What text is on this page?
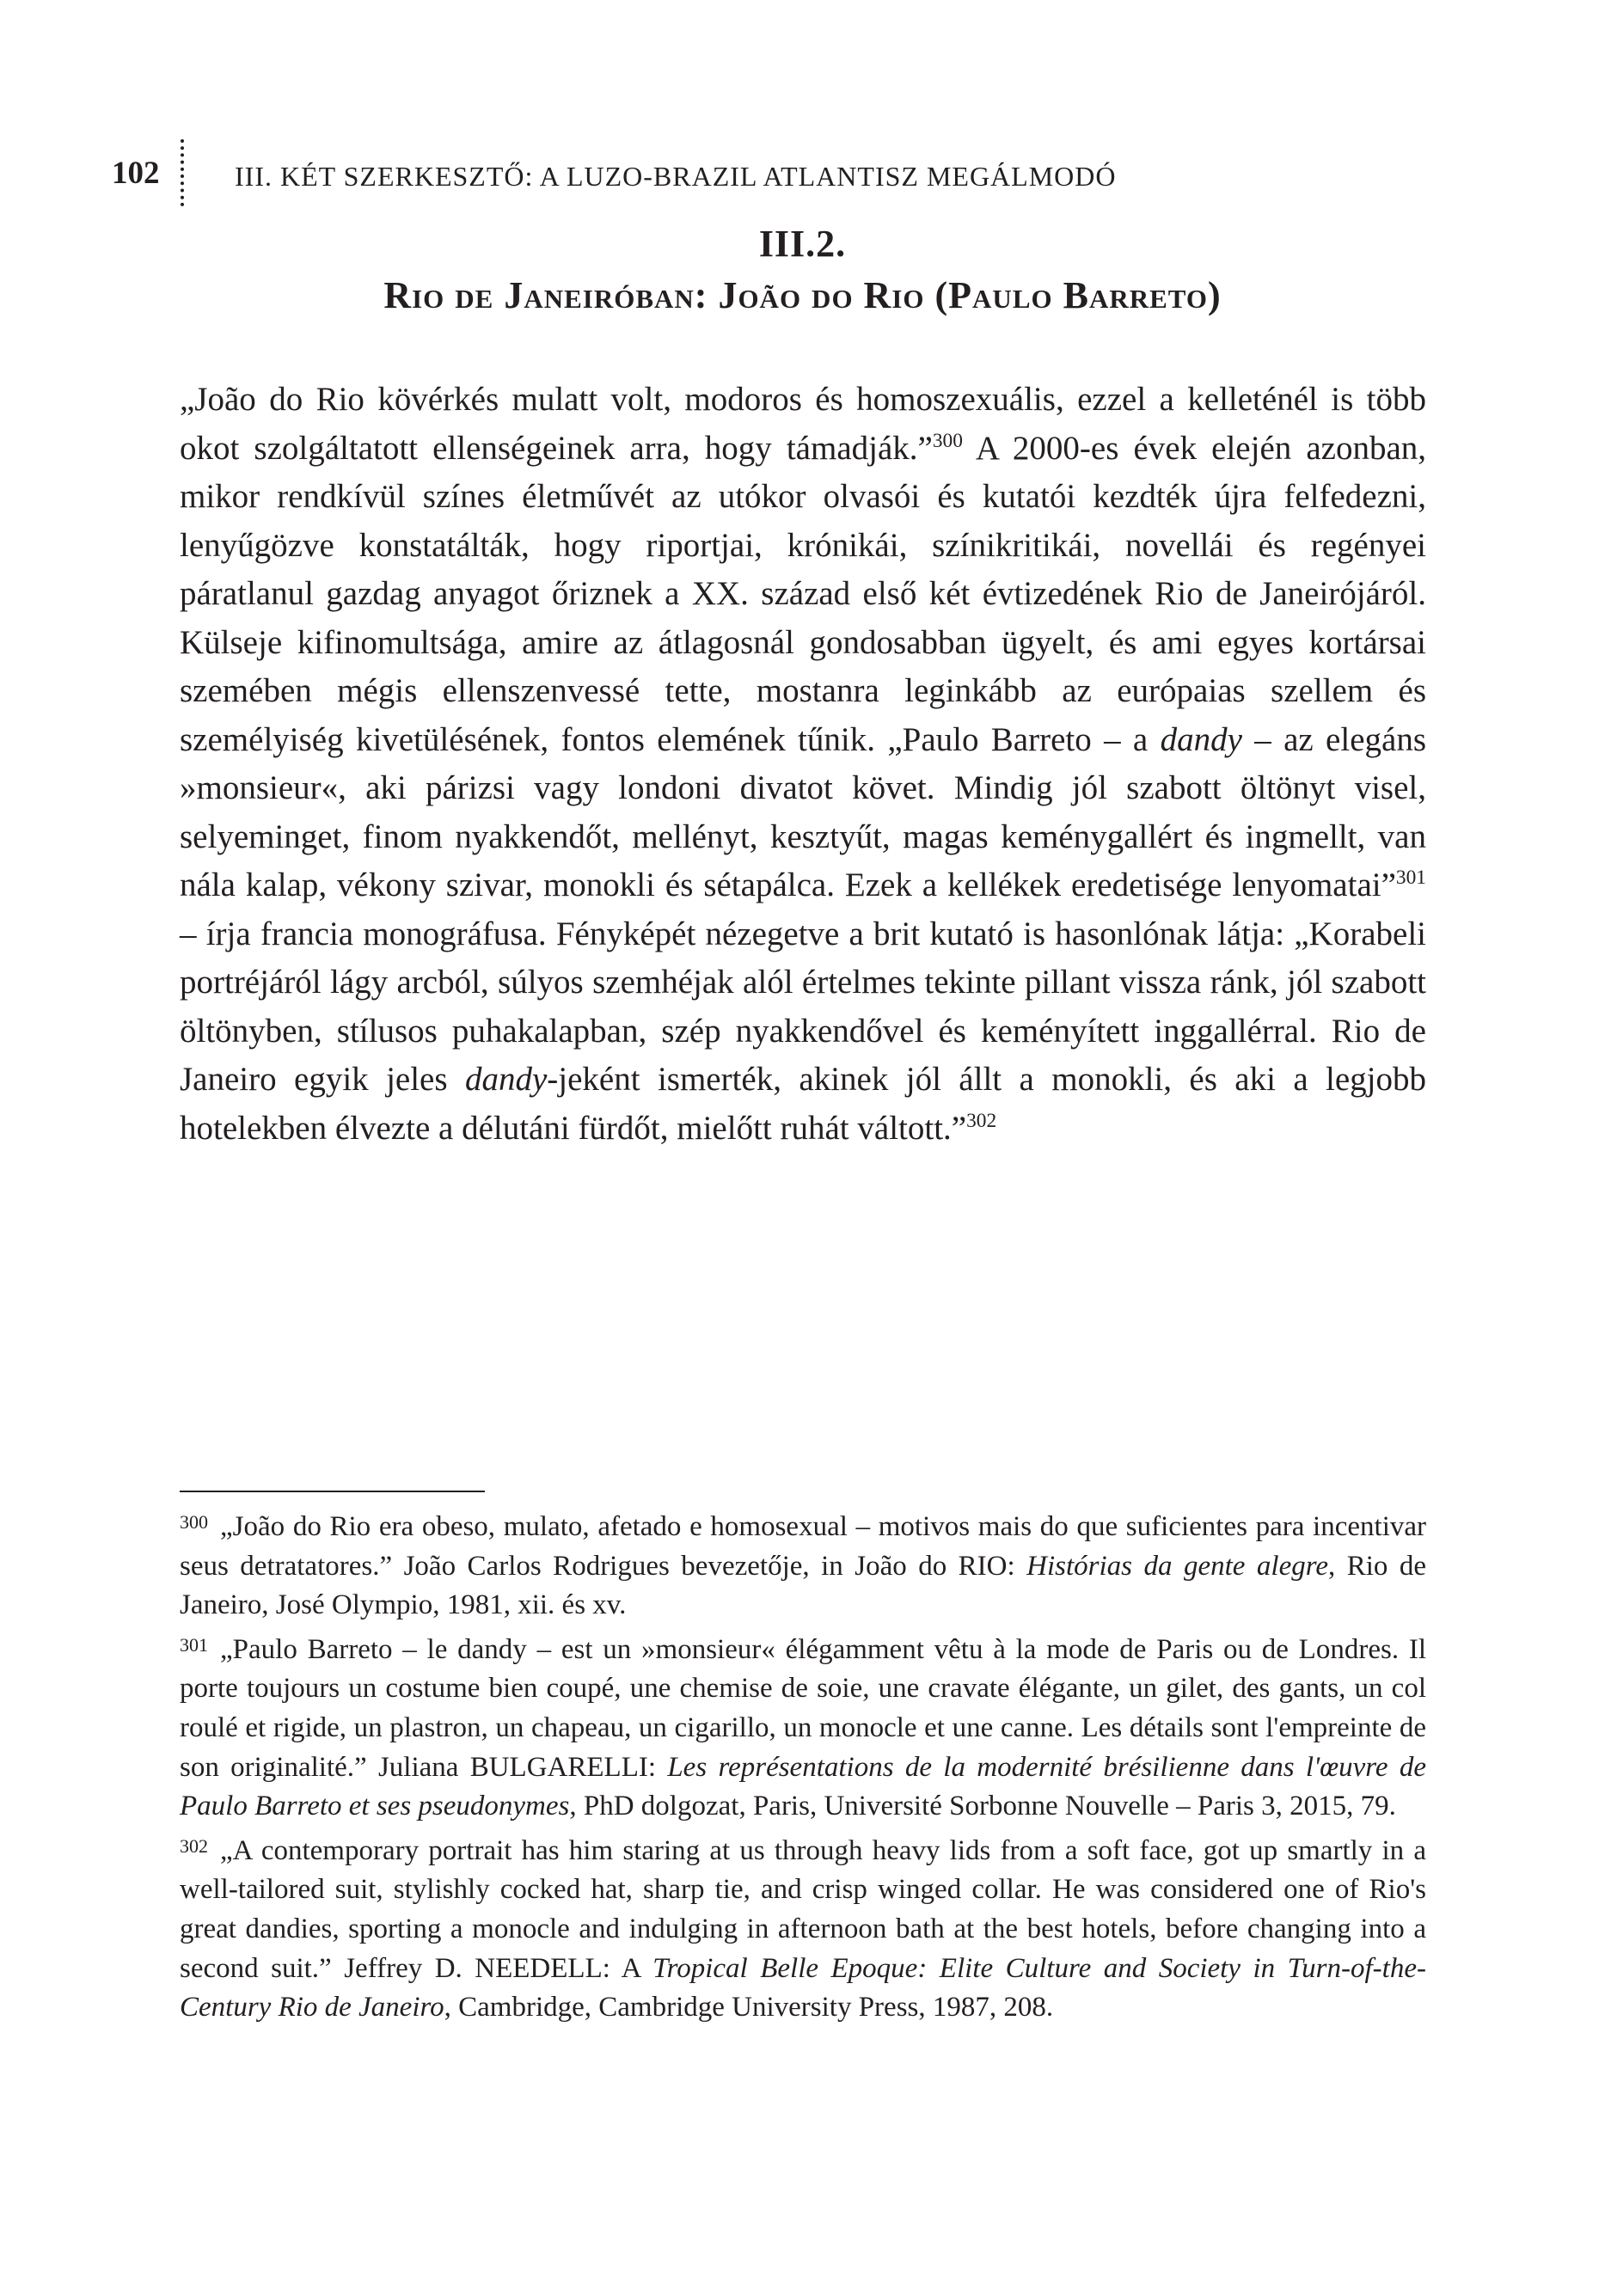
102	III. KÉT SZERKESZTŐ: A LUZO-BRAZIL ATLANTISZ MEGÁLMODÓ
III.2.
Rio de Janeiróban: João do Rio (Paulo Barreto)

„João do Rio kövérkés mulatt volt, modoros és homoszexuális, ezzel a kelleténél is több okot szolgáltatott ellenségeinek arra, hogy támadják.”$^{300}$ A 2000-es évek elején azonban, mikor rendkívül színes életművét az utókor olvasói és kutatói kezdték újra felfedezni, lenyűgözve konstatálták, hogy riportjai, krónikái, színikritikái, novellái és regényei páratlanul gazdag anyagot őriznek a XX. század első két évtizedének Rio de Janeirójáról. Külseje kifinomultsága, amire az átlagosnál gondosabban ügyelt, és ami egyes kortársai szemében mégis ellenszenvessé tette, mostanra leginkább az európaias szellem és személyiség kivetülésének, fontos elemének tűnik. „Paulo Barreto – a dandy – az elegáns »monsieur«, aki párizsi vagy londoni divatot követ. Mindig jól szabott öltönyt visel, selyeminget, finom nyakkendőt, mellényt, kesztyűt, magas keménygallért és ingmellt, van nála kalap, vékony szivar, monokli és sétapálca. Ezek a kellékek eredetisége lenyomatai”$^{301}$ – írja francia monográfusa. Fényképét nézegetve a brit kutató is hasonlónak látja: „Korabeli portréjáról lágy arcból, súlyos szemhéjak alól értelmes tekinte pillant vissza ránk, jól szabott öltönyben, stílusos puhakalapban, szép nyakkendővel és keményített inggallérral. Rio de Janeiro egyik jeles dandy-jeként ismerték, akinek jól állt a monokli, és aki a legjobb hotelekben élvezte a délutáni fürdőt, mielőtt ruhát váltott.”$^{302}$

$^{300}$ „João do Rio era obeso, mulato, afetado e homosexual – motivos mais do que suficientes para incentivar seus detratatores.” João Carlos Rodrigues bevezetője, in João do RIO: Histórias da gente alegre, Rio de Janeiro, José Olympio, 1981, xii. és xv.

$^{301}$ „Paulo Barreto – le dandy – est un »monsieur« élégamment vêtu à la mode de Paris ou de Londres. Il porte toujours un costume bien coupé, une chemise de soie, une cravate élégante, un gilet, des gants, un col roulé et rigide, un plastron, un chapeau, un cigarillo, un monocle et une canne. Les détails sont l'empreinte de son originalité.” Juliana BULGARELLI: Les représentations de la modernité brésilienne dans l'œuvre de Paulo Barreto et ses pseudonymes, PhD dolgozat, Paris, Université Sorbonne Nouvelle – Paris 3, 2015, 79.

$^{302}$ „A contemporary portrait has him staring at us through heavy lids from a soft face, got up smartly in a well-tailored suit, stylishly cocked hat, sharp tie, and crisp winged collar. He was considered one of Rio's great dandies, sporting a monocle and indulging in afternoon bath at the best hotels, before changing into a second suit.” Jeffrey D. NEEDELL: A Tropical Belle Epoque: Elite Culture and Society in Turn-of-the-Century Rio de Janeiro, Cambridge, Cambridge University Press, 1987, 208.
